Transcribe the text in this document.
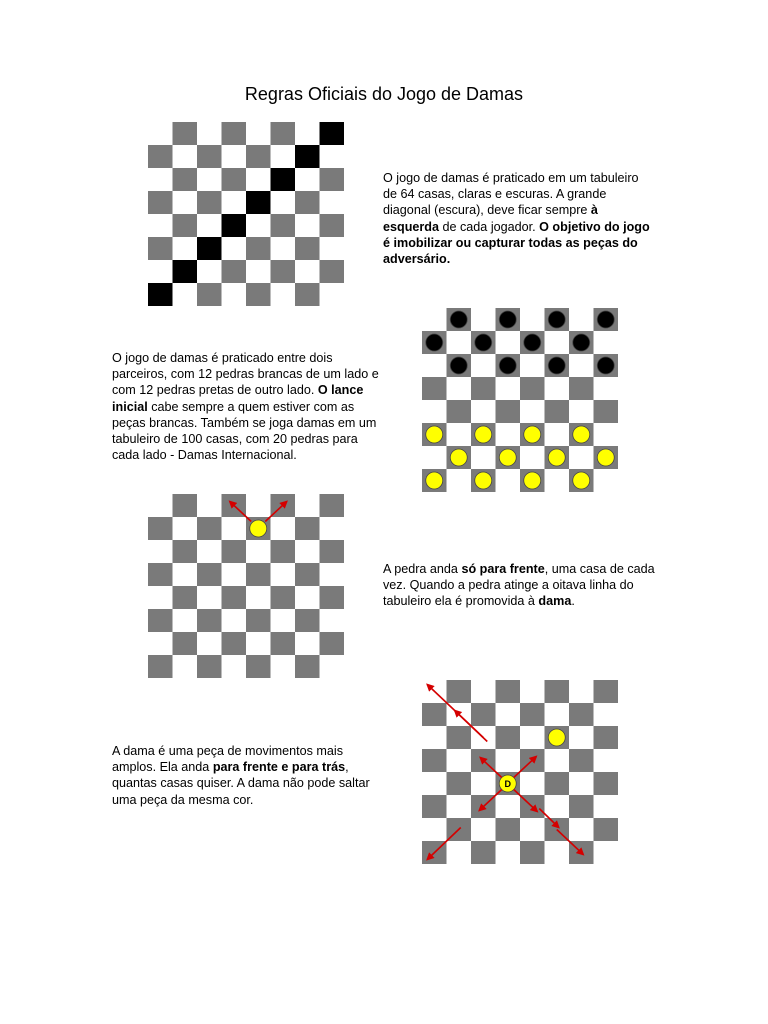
Regras Oficiais do Jogo de Damas
O jogo de damas é praticado em um tabuleiro de 64 casas, claras e escuras. A grande diagonal (escura), deve ficar sempre à esquerda de cada jogador. O objetivo do jogo é imobilizar ou capturar todas as peças do adversário.
O jogo de damas é praticado entre dois parceiros, com 12 pedras brancas de um lado e com 12 pedras pretas de outro lado. O lance inicial cabe sempre a quem estiver com as peças brancas. Também se joga damas em um tabuleiro de 100 casas, com 20 pedras para cada lado - Damas Internacional.
A pedra anda só para frente, uma casa de cada vez. Quando a pedra atinge a oitava linha do tabuleiro ela é promovida à dama.
D
A dama é uma peça de movimentos mais amplos. Ela anda para frente e para trás, quantas casas quiser. A dama não pode saltar uma peça da mesma cor.
